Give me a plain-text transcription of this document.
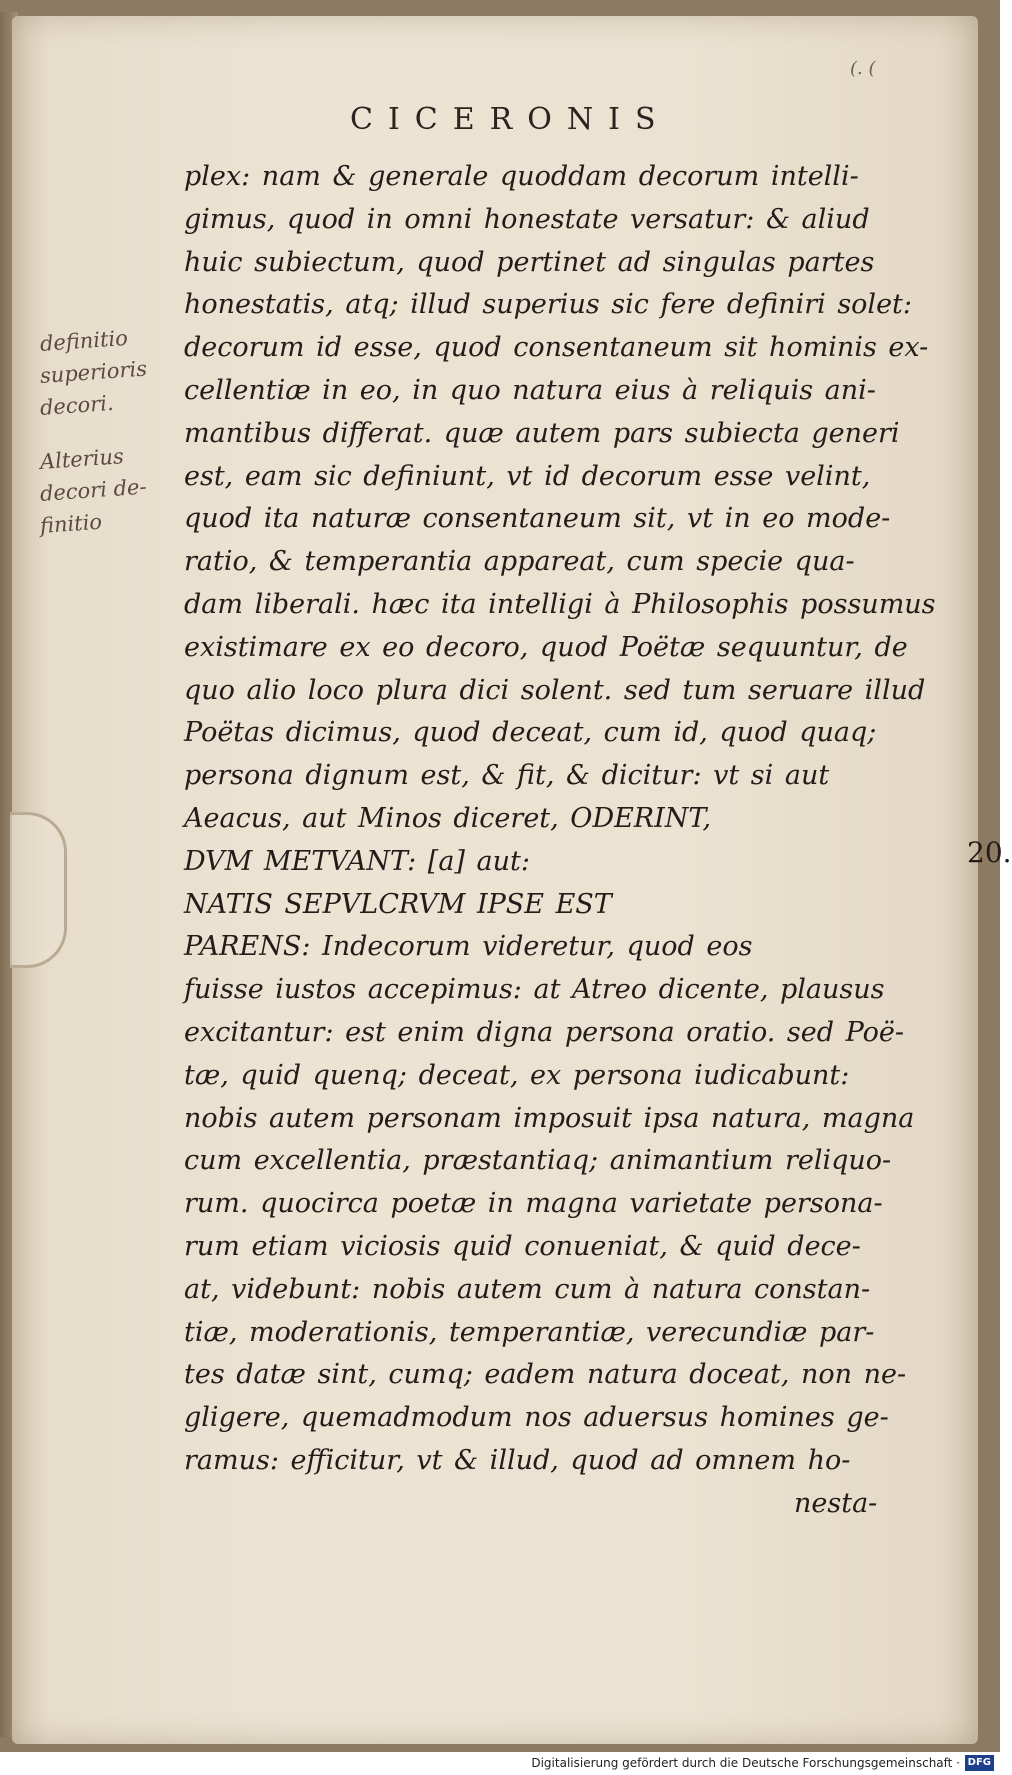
CICERONIS
(. (
definitio
superioris
decori.
Alterius
decori de-
finitio
plex: nam & generale quoddam decorum intelli-
gimus, quod in omni honestate versatur: & aliud
huic subiectum, quod pertinet ad singulas partes
honestatis, atq; illud superius sic fere definiri solet:
decorum id esse, quod consentaneum sit hominis ex-
cellentiæ in eo, in quo natura eius à reliquis ani-
mantibus differat. quæ autem pars subiecta generi
est, eam sic definiunt, vt id decorum esse velint,
quod ita naturæ consentaneum sit, vt in eo mode-
ratio, & temperantia appareat, cum specie qua-
dam liberali. hæc ita intelligi à Philosophis possumus
existimare ex eo decoro, quod Poëtæ sequuntur, de
quo alio loco plura dici solent. sed tum seruare illud
Poëtas dicimus, quod deceat, cum id, quod quaq;
persona dignum est, & fit, & dicitur: vt si aut
Aeacus, aut Minos diceret, ODERINT,
DVM METVANT: [a] aut:
NATIS SEPVLCRVM IPSE EST
PARENS: Indecorum videretur, quod eos
fuisse iustos accepimus: at Atreo dicente, plausus
excitantur: est enim digna persona oratio. sed Poë-
tæ, quid quenq; deceat, ex persona iudicabunt:
nobis autem personam imposuit ipsa natura, magna
cum excellentia, præstantiaq; animantium reliquo-
rum. quocirca poetæ in magna varietate persona-
rum etiam viciosis quid conueniat, & quid dece-
at, videbunt: nobis autem cum à natura constan-
tiæ, moderationis, temperantiæ, verecundiæ par-
tes datæ sint, cumq; eadem natura doceat, non ne-
gligere, quemadmodum nos aduersus homines ge-
ramus: efficitur, vt & illud, quod ad omnem ho-
nesta-
20.
Digitalisierung gefördert durch die Deutsche Forschungsgemeinschaft · DFG
